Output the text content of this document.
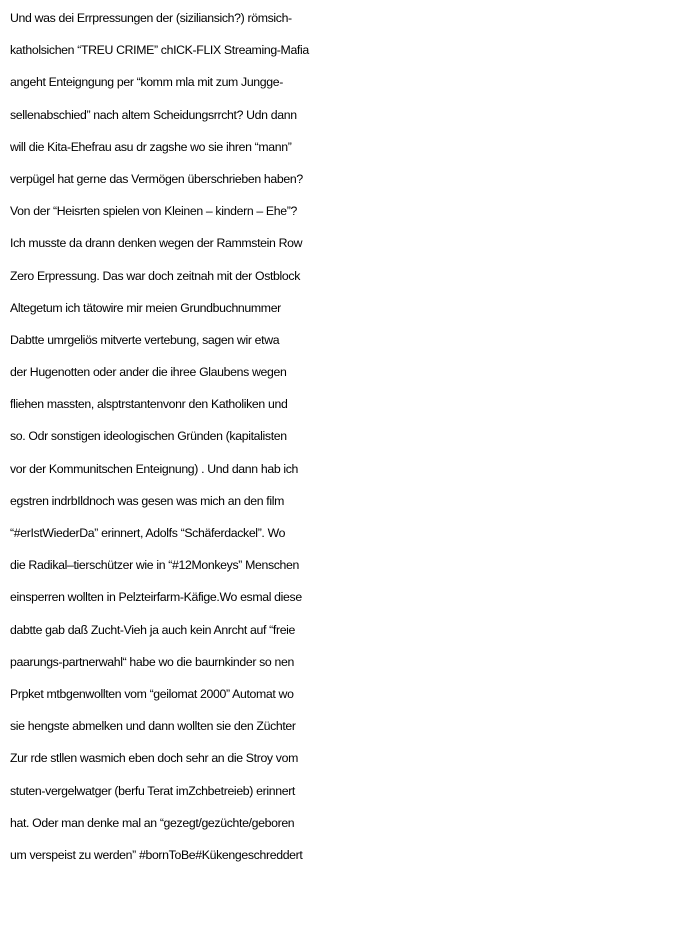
Und was dei Errpressungen der (siziliansich?) römsich-
katholsichen “TREU CRIME” chICK-FLIX Streaming-Mafia
angeht Enteigngung per “komm mla mit zum Jungge-
sellenabschied” nach altem Scheidungsrrcht? Udn dann
will die Kita-Ehefrau asu dr zagshe wo sie ihren “mann”
verpügel hat gerne das Vermögen überschrieben haben?
Von der “Heisrten spielen von Kleinen – kindern – Ehe”?
Ich musste da drann denken wegen der Rammstein Row
Zero Erpressung. Das war doch zeitnah mit der Ostblock
Altegetum ich tätowire mir meien Grundbuchnummer
Dabtte umrgeliös mitverte vertebung, sagen wir etwa
der Hugenotten oder ander die ihree Glaubens wegen
fliehen massten, alsptrstantenvonr den Katholiken und
so. Odr sonstigen ideologischen Gründen (kapitalisten
vor der Kommunitschen Enteignung) . Und dann hab ich
egstren indrbIldnoch was gesen was mich an den film
“#erIstWiederDa” erinnert, Adolfs “Schäferdackel”. Wo
die Radikal–tierschützer wie in “#12Monkeys” Menschen
einsperren wollten in Pelzteirfarm-Käfige.Wo esmal diese
dabtte gab daß Zucht-Vieh ja auch kein Anrcht auf “freie
paarungs-partnerwahl“ habe wo die baurnkinder so nen
Prpket mtbgenwollten vom “geilomat 2000” Automat wo
sie hengste abmelken und dann wollten sie den Züchter
Zur rde stllen wasmich eben doch sehr an die Stroy vom
stuten-vergelwatger (berfu Terat imZchbetreieb) erinnert
hat. Oder man denke mal an “gezegt/gezüchte/geboren
um verspeist zu werden” #bornToBe#Kükengeschreddert
